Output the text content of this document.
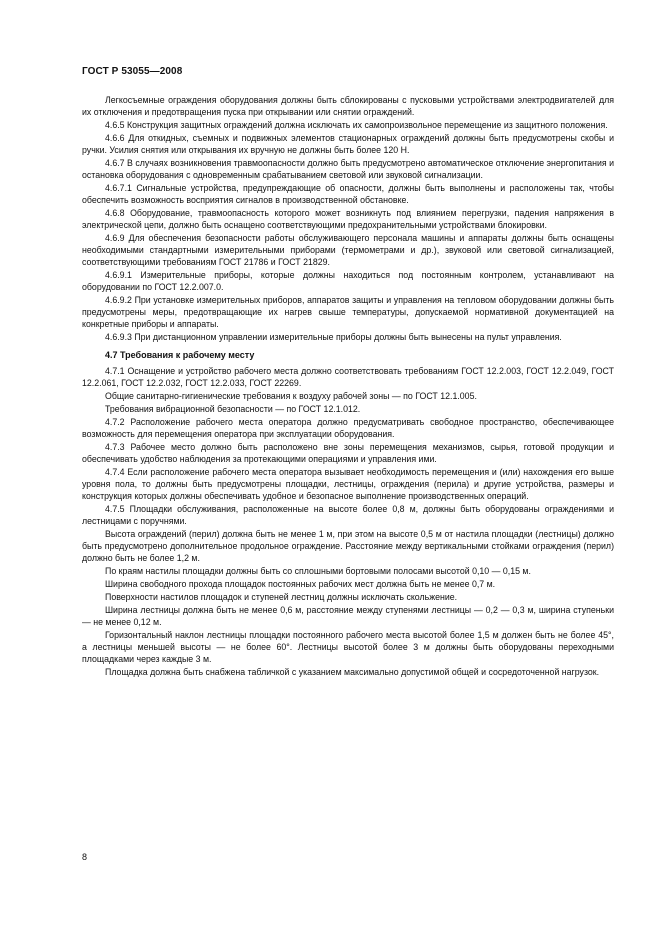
ГОСТ Р 53055—2008

Легкосъемные ограждения оборудования должны быть сблокированы с пусковыми устройствами электродвигателей для их отключения и предотвращения пуска при открывании или снятии ограждений.

4.6.5 Конструкция защитных ограждений должна исключать их самопроизвольное перемещение из защитного положения.

4.6.6 Для откидных, съемных и подвижных элементов стационарных ограждений должны быть предусмотрены скобы и ручки. Усилия снятия или открывания их вручную не должны быть более 120 Н.

4.6.7 В случаях возникновения травмоопасности должно быть предусмотрено автоматическое отключение энергопитания и остановка оборудования с одновременным срабатыванием световой или звуковой сигнализации.

4.6.7.1 Сигнальные устройства, предупреждающие об опасности, должны быть выполнены и расположены так, чтобы обеспечить возможность восприятия сигналов в производственной обстановке.

4.6.8 Оборудование, травмоопасность которого может возникнуть под влиянием перегрузки, падения напряжения в электрической цепи, должно быть оснащено соответствующими предохранительными устройствами блокировки.

4.6.9 Для обеспечения безопасности работы обслуживающего персонала машины и аппараты должны быть оснащены необходимыми стандартными измерительными приборами (термометрами и др.), звуковой или световой сигнализацией, соответствующими требованиям ГОСТ 21786 и ГОСТ 21829.

4.6.9.1 Измерительные приборы, которые должны находиться под постоянным контролем, устанавливают на оборудовании по ГОСТ 12.2.007.0.

4.6.9.2 При установке измерительных приборов, аппаратов защиты и управления на тепловом оборудовании должны быть предусмотрены меры, предотвращающие их нагрев свыше температуры, допускаемой нормативной документацией на конкретные приборы и аппараты.

4.6.9.3 При дистанционном управлении измерительные приборы должны быть вынесены на пульт управления.

4.7 Требования к рабочему месту

4.7.1 Оснащение и устройство рабочего места должно соответствовать требованиям ГОСТ 12.2.003, ГОСТ 12.2.049, ГОСТ 12.2.061, ГОСТ 12.2.032, ГОСТ 12.2.033, ГОСТ 22269.

Общие санитарно-гигиенические требования к воздуху рабочей зоны — по ГОСТ 12.1.005.

Требования вибрационной безопасности — по ГОСТ 12.1.012.

4.7.2 Расположение рабочего места оператора должно предусматривать свободное пространство, обеспечивающее возможность для перемещения оператора при эксплуатации оборудования.

4.7.3 Рабочее место должно быть расположено вне зоны перемещения механизмов, сырья, готовой продукции и обеспечивать удобство наблюдения за протекающими операциями и управления ими.

4.7.4 Если расположение рабочего места оператора вызывает необходимость перемещения и (или) нахождения его выше уровня пола, то должны быть предусмотрены площадки, лестницы, ограждения (перила) и другие устройства, размеры и конструкция которых должны обеспечивать удобное и безопасное выполнение производственных операций.

4.7.5 Площадки обслуживания, расположенные на высоте более 0,8 м, должны быть оборудованы ограждениями и лестницами с поручнями.

Высота ограждений (перил) должна быть не менее 1 м, при этом на высоте 0,5 м от настила площадки (лестницы) должно быть предусмотрено дополнительное продольное ограждение. Расстояние между вертикальными стойками ограждения (перил) должно быть не более 1,2 м.

По краям настилы площадки должны быть со сплошными бортовыми полосами высотой 0,10 — 0,15 м.

Ширина свободного прохода площадок постоянных рабочих мест должна быть не менее 0,7 м.

Поверхности настилов площадок и ступеней лестниц должны исключать скольжение.

Ширина лестницы должна быть не менее 0,6 м, расстояние между ступенями лестницы — 0,2 — 0,3 м, ширина ступеньки — не менее 0,12 м.

Горизонтальный наклон лестницы площадки постоянного рабочего места высотой более 1,5 м должен быть не более 45°, а лестницы меньшей высоты — не более 60°. Лестницы высотой более 3 м должны быть оборудованы переходными площадками через каждые 3 м.

Площадка должна быть снабжена табличкой с указанием максимально допустимой общей и сосредоточенной нагрузок.

8
